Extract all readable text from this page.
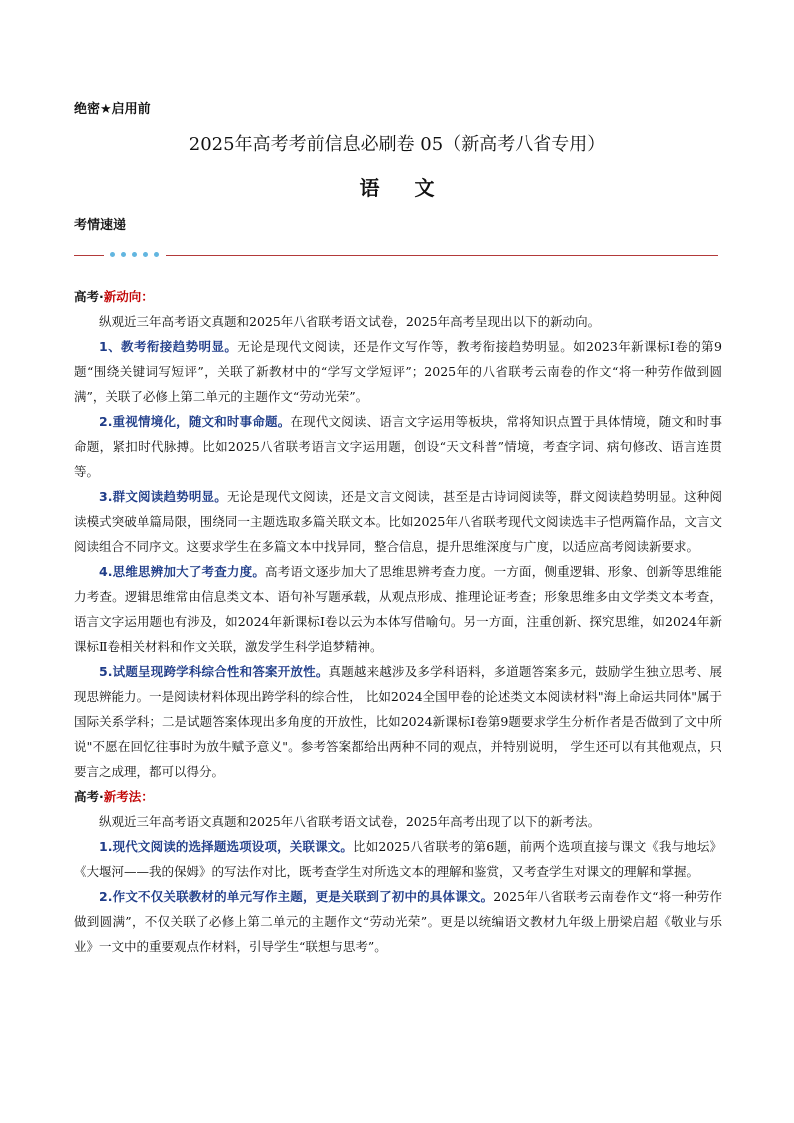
绝密★启用前
2025年高考考前信息必刷卷 05（新高考八省专用）
语 文
考情速递

高考·新动向：

纵观近三年高考语文真题和2025年八省联考语文试卷，2025年高考呈现出以下的新动向。

1、教考衔接趋势明显。无论是现代文阅读，还是作文写作等，教考衔接趋势明显。如2023年新课标Ⅰ卷的第9题“围绕关键词写短评”，关联了新教材中的“学写文学短评”；2025年的八省联考云南卷的作文“将一种劳作做到圆满”，关联了必修上第二单元的主题作文“劳动光荣”。

2.重视情境化，随文和时事命题。在现代文阅读、语言文字运用等板块，常将知识点置于具体情境，随文和时事命题，紧扣时代脉搏。比如2025八省联考语言文字运用题，创设“天文科普”情境，考查字词、病句修改、语言连贯等。

3.群文阅读趋势明显。无论是现代文阅读，还是文言文阅读，甚至是古诗词阅读等，群文阅读趋势明显。这种阅读模式突破单篇局限，围绕同一主题选取多篇关联文本。比如2025年八省联考现代文阅读选丰子恺两篇作品，文言文阅读组合不同序文。这要求学生在多篇文本中找异同，整合信息，提升思维深度与广度，以适应高考阅读新要求。

4.思维思辨加大了考查力度。高考语文逐步加大了思维思辨考查力度。一方面，侧重逻辑、形象、创新等思维能力考查。逻辑思维常由信息类文本、语句补写题承载，从观点形成、推理论证考查；形象思维多由文学类文本考查，语言文字运用题也有涉及，如2024年新课标Ⅰ卷以云为本体写借喻句。另一方面，注重创新、探究思维，如2024年新课标Ⅱ卷相关材料和作文关联，激发学生科学追梦精神。

5.试题呈现跨学科综合性和答案开放性。真题越来越涉及多学科语料，多道题答案多元，鼓励学生独立思考、展现思辨能力。一是阅读材料体现出跨学科的综合性， 比如2024全国甲卷的论述类文本阅读材料"海上命运共同体"属于国际关系学科；二是试题答案体现出多角度的开放性，比如2024新课标Ⅰ卷第9题要求学生分析作者是否做到了文中所说"不愿在回忆往事时为放牛赋予意义"。参考答案都给出两种不同的观点，并特别说明， 学生还可以有其他观点，只要言之成理，都可以得分。

高考·新考法：

纵观近三年高考语文真题和2025年八省联考语文试卷，2025年高考出现了以下的新考法。

1.现代文阅读的选择题选项设项，关联课文。比如2025八省联考的第6题，前两个选项直接与课文《我与地坛》《大堰河——我的保姆》的写法作对比，既考查学生对所选文本的理解和鉴赏，又考查学生对课文的理解和掌握。

2.作文不仅关联教材的单元写作主题，更是关联到了初中的具体课文。2025年八省联考云南卷作文“将一种劳作做到圆满”，不仅关联了必修上第二单元的主题作文“劳动光荣”。更是以统编语文教材九年级上册梁启超《敬业与乐业》一文中的重要观点作材料，引导学生“联想与思考”。
